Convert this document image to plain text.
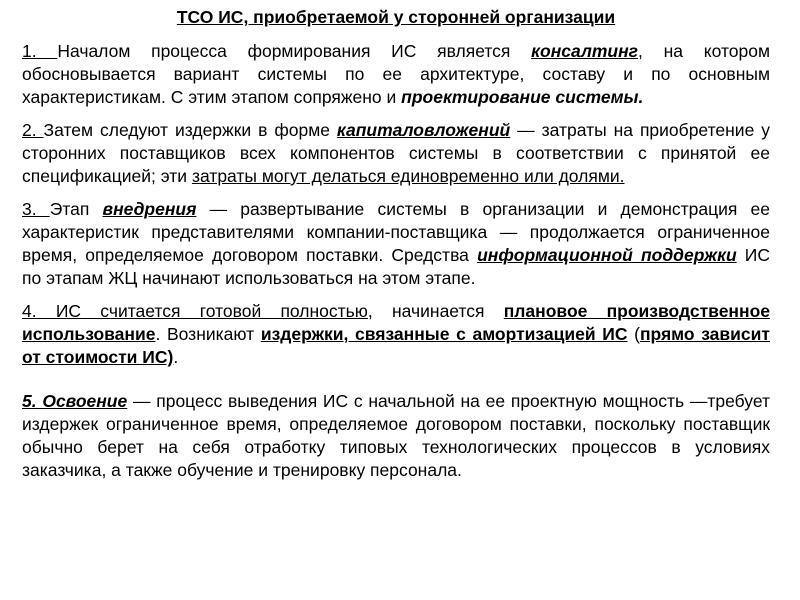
ТСО ИС, приобретаемой у сторонней организации

1. Началом процесса формирования ИС является консалтинг, на котором обосновывается вариант системы по ее архитектуре, составу и по основным характеристикам. С этим этапом сопряжено и проектирование системы.

2. Затем следуют издержки в форме капиталовложений — затраты на приобретение у сторонних поставщиков всех компонентов системы в соответствии с принятой ее спецификацией; эти затраты могут делаться единовременно или долями.

3. Этап внедрения — развертывание системы в организации и демонстрация ее характеристик представителями компании-поставщика — продолжается ограниченное время, определяемое договором поставки. Средства информационной поддержки ИС по этапам ЖЦ начинают использоваться на этом этапе.

4. ИС считается готовой полностью, начинается плановое производственное использование. Возникают издержки, связанные с амортизацией ИС (прямо зависит от стоимости ИС).

5. Освоение — процесс выведения ИС с начальной на ее проектную мощность —требует издержек ограниченное время, определяемое договором поставки, поскольку поставщик обычно берет на себя отработку типовых технологических процессов в условиях заказчика, а также обучение и тренировку персонала.
